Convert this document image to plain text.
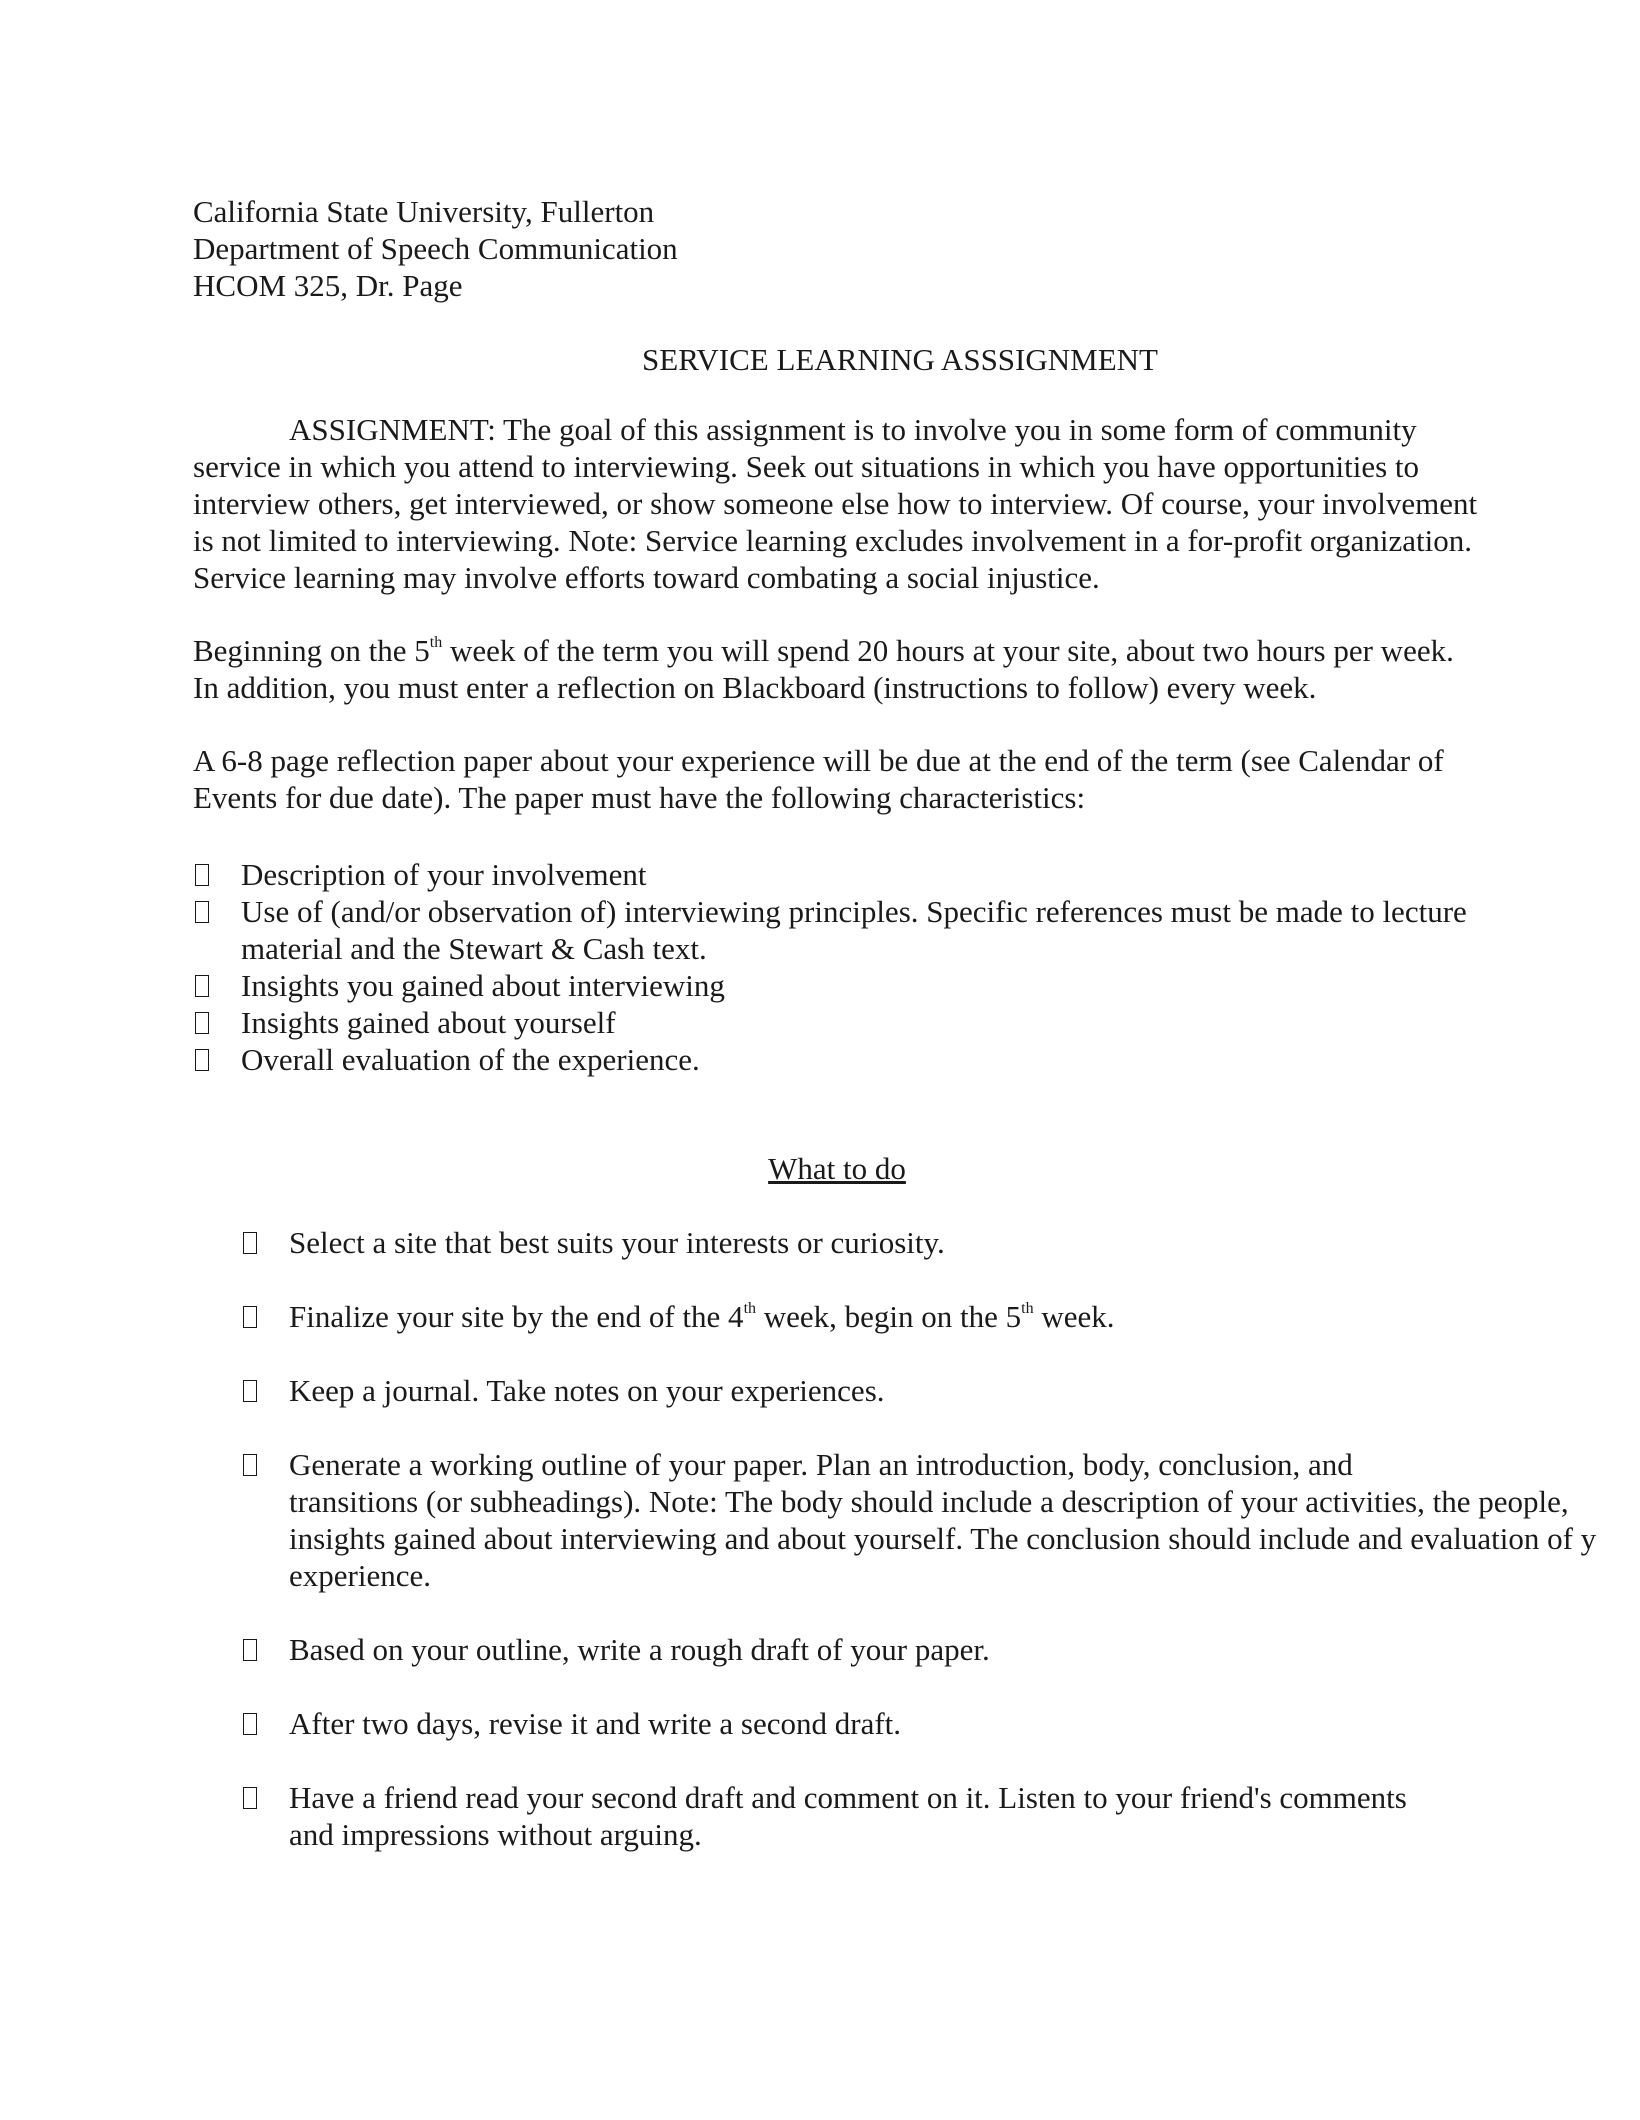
California State University, Fullerton
Department of Speech Communication
HCOM 325, Dr. Page
SERVICE LEARNING ASSSIGNMENT
ASSIGNMENT: The goal of this assignment is to involve you in some form of community
service in which you attend to interviewing. Seek out situations in which you have opportunities to
interview others, get interviewed, or show someone else how to interview. Of course, your involvement
is not limited to interviewing. Note: Service learning excludes involvement in a for-profit organization.
Service learning may involve efforts toward combating a social injustice.
Beginning on the 5th week of the term you will spend 20 hours at your site, about two hours per week.
In addition, you must enter a reflection on Blackboard (instructions to follow) every week.
A 6-8 page reflection paper about your experience will be due at the end of the term (see Calendar of
Events for due date). The paper must have the following characteristics:
Description of your involvement
Use of (and/or observation of) interviewing principles. Specific references must be made to lecture
material and the Stewart & Cash text.
Insights you gained about interviewing
Insights gained about yourself
Overall evaluation of the experience.
What to do
Select a site that best suits your interests or curiosity.
Finalize your site by the end of the 4th week, begin on the 5th week.
Keep a journal. Take notes on your experiences.
Generate a working outline of your paper. Plan an introduction, body, conclusion, and
transitions (or subheadings). Note: The body should include a description of your activities, the people,
insights gained about interviewing and about yourself. The conclusion should include and evaluation of y
experience.
Based on your outline, write a rough draft of your paper.
After two days, revise it and write a second draft.
Have a friend read your second draft and comment on it. Listen to your friend's comments
and impressions without arguing.
